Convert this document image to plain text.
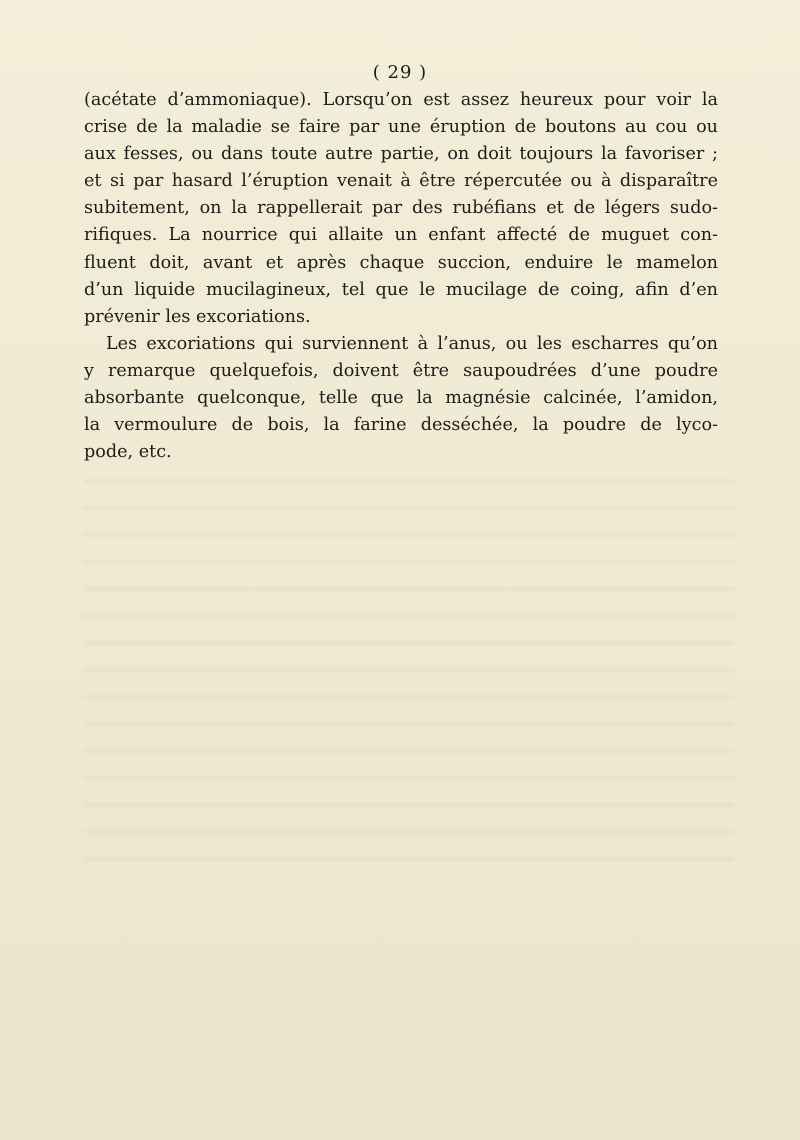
( 29 )
(acétate d’ammoniaque). Lorsqu’on est assez heureux pour voir la
crise de la maladie se faire par une éruption de boutons au cou ou
aux fesses, ou dans toute autre partie, on doit toujours la favoriser ;
et si par hasard l’éruption venait à être répercutée ou à disparaître
subitement, on la rappellerait par des rubéfians et de légers sudo-
rifiques. La nourrice qui allaite un enfant affecté de muguet con-
fluent doit, avant et après chaque succion, enduire le mamelon
d’un liquide mucilagineux, tel que le mucilage de coing, afin d’en
prévenir les excoriations.
Les excoriations qui surviennent à l’anus, ou les escharres qu’on
y remarque quelquefois, doivent être saupoudrées d’une poudre
absorbante quelconque, telle que la magnésie calcinée, l’amidon,
la vermoulure de bois, la farine desséchée, la poudre de lyco-
pode, etc.
